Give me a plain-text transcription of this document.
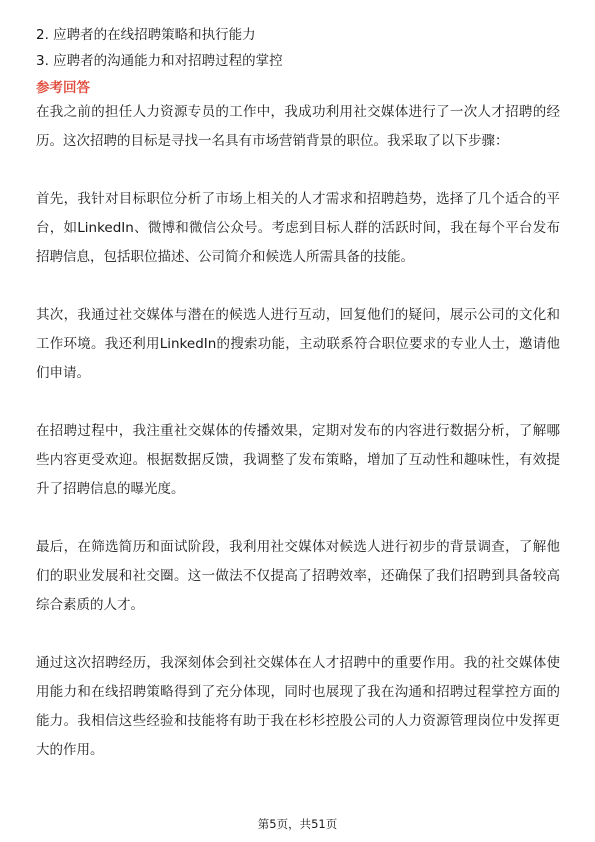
2. 应聘者的在线招聘策略和执行能力
3. 应聘者的沟通能力和对招聘过程的掌控
参考回答

在我之前的担任人力资源专员的工作中，我成功利用社交媒体进行了一次人才招聘的经历。这次招聘的目标是寻找一名具有市场营销背景的职位。我采取了以下步骤：

首先，我针对目标职位分析了市场上相关的人才需求和招聘趋势，选择了几个适合的平台，如LinkedIn、微博和微信公众号。考虑到目标人群的活跃时间，我在每个平台发布招聘信息，包括职位描述、公司简介和候选人所需具备的技能。

其次，我通过社交媒体与潜在的候选人进行互动，回复他们的疑问，展示公司的文化和工作环境。我还利用LinkedIn的搜索功能，主动联系符合职位要求的专业人士，邀请他们申请。

在招聘过程中，我注重社交媒体的传播效果，定期对发布的内容进行数据分析，了解哪些内容更受欢迎。根据数据反馈，我调整了发布策略，增加了互动性和趣味性，有效提升了招聘信息的曝光度。

最后，在筛选简历和面试阶段，我利用社交媒体对候选人进行初步的背景调查，了解他们的职业发展和社交圈。这一做法不仅提高了招聘效率，还确保了我们招聘到具备较高综合素质的人才。

通过这次招聘经历，我深刻体会到社交媒体在人才招聘中的重要作用。我的社交媒体使用能力和在线招聘策略得到了充分体现，同时也展现了我在沟通和招聘过程掌控方面的能力。我相信这些经验和技能将有助于我在杉杉控股公司的人力资源管理岗位中发挥更大的作用。

第5页，共51页
